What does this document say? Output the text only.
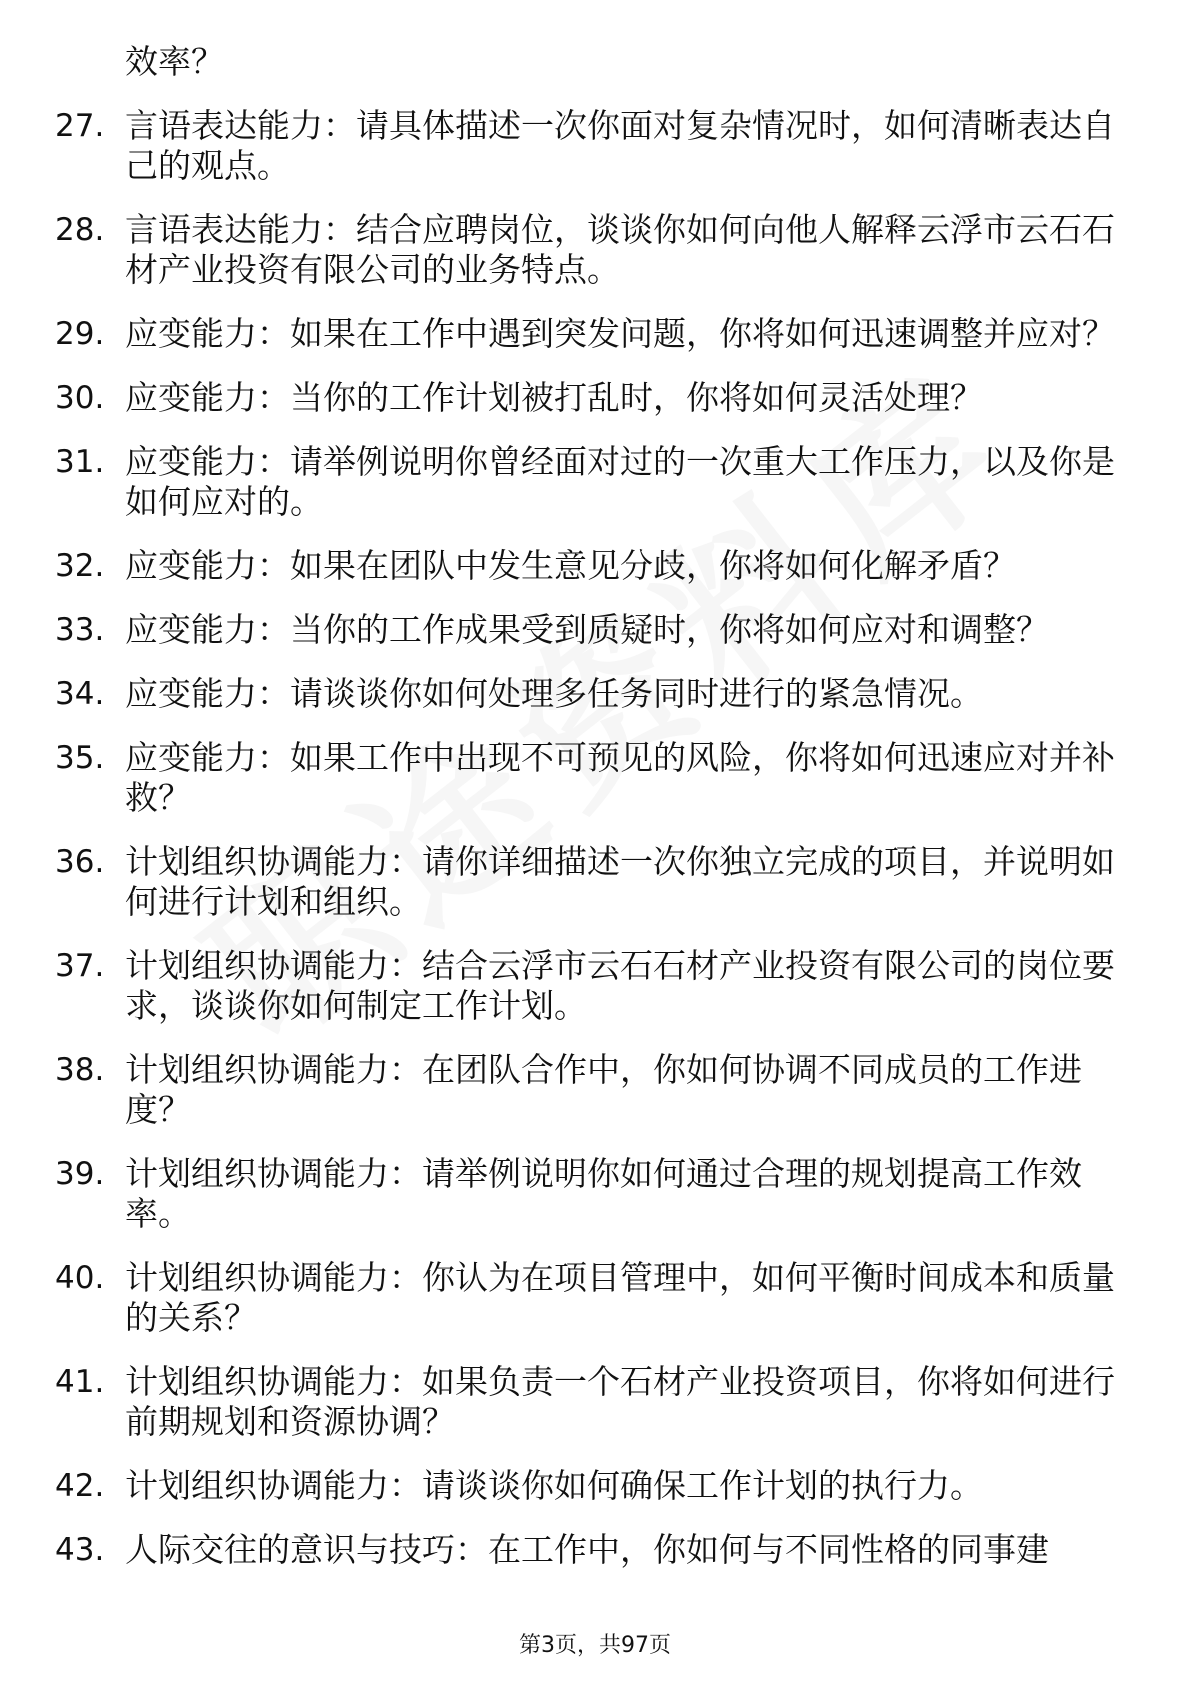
效率？
27. 言语表达能力：请具体描述一次你面对复杂情况时，如何清晰表达自己的观点。
28. 言语表达能力：结合应聘岗位，谈谈你如何向他人解释云浮市云石石材产业投资有限公司的业务特点。
29. 应变能力：如果在工作中遇到突发问题，你将如何迅速调整并应对？
30. 应变能力：当你的工作计划被打乱时，你将如何灵活处理？
31. 应变能力：请举例说明你曾经面对过的一次重大工作压力，以及你是如何应对的。
32. 应变能力：如果在团队中发生意见分歧，你将如何化解矛盾？
33. 应变能力：当你的工作成果受到质疑时，你将如何应对和调整？
34. 应变能力：请谈谈你如何处理多任务同时进行的紧急情况。
35. 应变能力：如果工作中出现不可预见的风险，你将如何迅速应对并补救？
36. 计划组织协调能力：请你详细描述一次你独立完成的项目，并说明如何进行计划和组织。
37. 计划组织协调能力：结合云浮市云石石材产业投资有限公司的岗位要求，谈谈你如何制定工作计划。
38. 计划组织协调能力：在团队合作中，你如何协调不同成员的工作进度？
39. 计划组织协调能力：请举例说明你如何通过合理的规划提高工作效率。
40. 计划组织协调能力：你认为在项目管理中，如何平衡时间成本和质量的关系？
41. 计划组织协调能力：如果负责一个石材产业投资项目，你将如何进行前期规划和资源协调？
42. 计划组织协调能力：请谈谈你如何确保工作计划的执行力。
43. 人际交往的意识与技巧：在工作中，你如何与不同性格的同事建
第3页，共97页
